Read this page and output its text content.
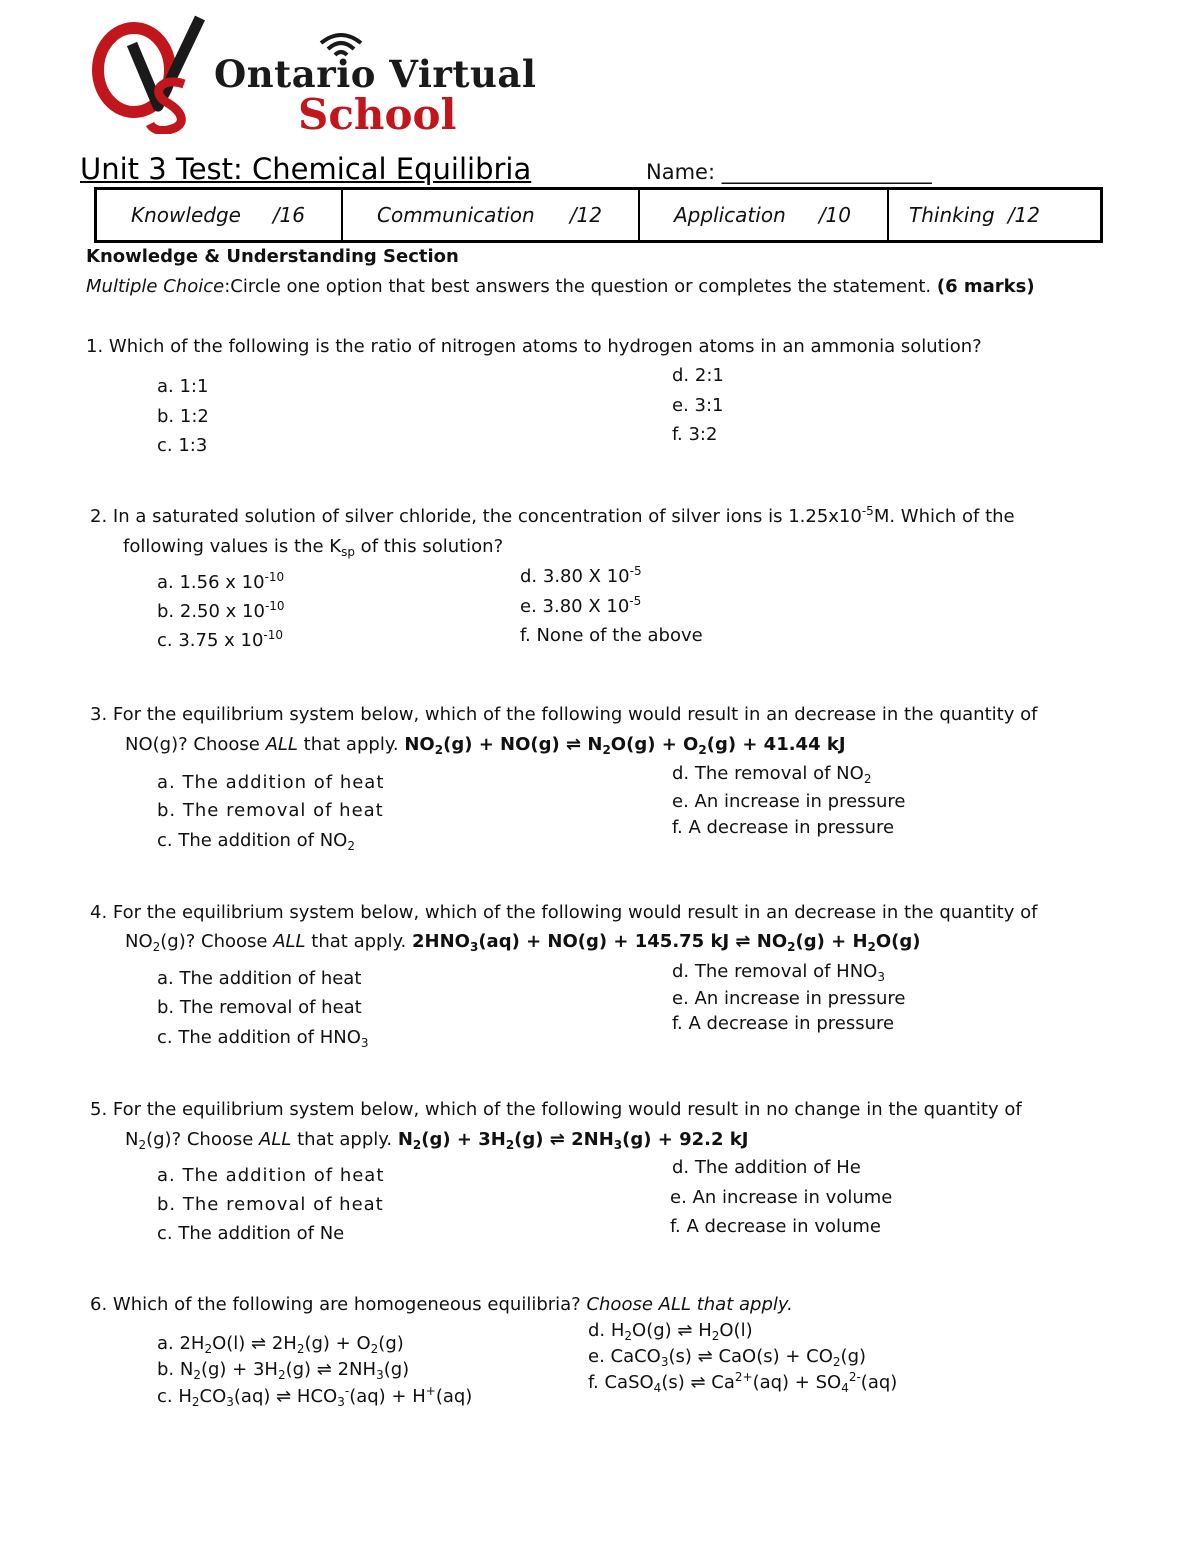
Ontario Virtual
School
Unit 3 Test: Chemical Equilibria	Name: ____________________
Knowledge /16	Communication /12	Application /10	Thinking /12
Knowledge & Understanding Section
Multiple Choice:Circle one option that best answers the question or completes the statement. (6 marks)
1. Which of the following is the ratio of nitrogen atoms to hydrogen atoms in an ammonia solution?
a. 1:1
b. 1:2
c. 1:3
d. 2:1
e. 3:1
f. 3:2
2. In a saturated solution of silver chloride, the concentration of silver ions is $1.25x10^{-5}M$. Which of the
following values is the $K_{sp}$ of this solution?
a. 1.56 x $10^{-10}$
b. 2.50 x $10^{-10}$
c. 3.75 x $10^{-10}$
d. 3.80 X $10^{-5}$
e. 3.80 X $10^{-5}$
f. None of the above
3. For the equilibrium system below, which of the following would result in an decrease in the quantity of
NO(g)? Choose ALL that apply. $NO_2(g) + NO(g)$ ⇌ $N_2O(g) + O_2(g) + 41.44$ kJ
a. The addition of heat
b. The removal of heat
c. The addition of $NO_2$
d. The removal of $NO_2$
e. An increase in pressure
f. A decrease in pressure
4. For the equilibrium system below, which of the following would result in an decrease in the quantity of
$NO_2(g)$? Choose ALL that apply. $2HNO_3(aq) + NO(g) + 145.75$ kJ ⇌ $NO_2(g) + H_2O(g)$
a. The addition of heat
b. The removal of heat
c. The addition of $HNO_3$
d. The removal of $HNO_3$
e. An increase in pressure
f. A decrease in pressure
5. For the equilibrium system below, which of the following would result in no change in the quantity of
$N_2(g)$? Choose ALL that apply. $N_2(g) + 3H_2(g)$ ⇌ $2NH_3(g) + 92.2$ kJ
a. The addition of heat
b. The removal of heat
c. The addition of Ne
d. The addition of He
e. An increase in volume
f. A decrease in volume
6. Which of the following are homogeneous equilibria? Choose ALL that apply.
a. $2H_2O(l)$ ⇌ $2H_2(g) + O_2(g)$
b. $N_2(g) + 3H_2(g)$ ⇌ $2NH_3(g)$
c. $H_2CO_3(aq)$ ⇌ $HCO_3^-(aq) + H^+(aq)$
d. $H_2O(g)$ ⇌ $H_2O(l)$
e. CaCO$_3$(s) ⇌ $CaO(s) + CO_2(g)$
f. CaSO$_4$(s) ⇌ $Ca^{2+}(aq) + SO_4^{2-}(aq)$
